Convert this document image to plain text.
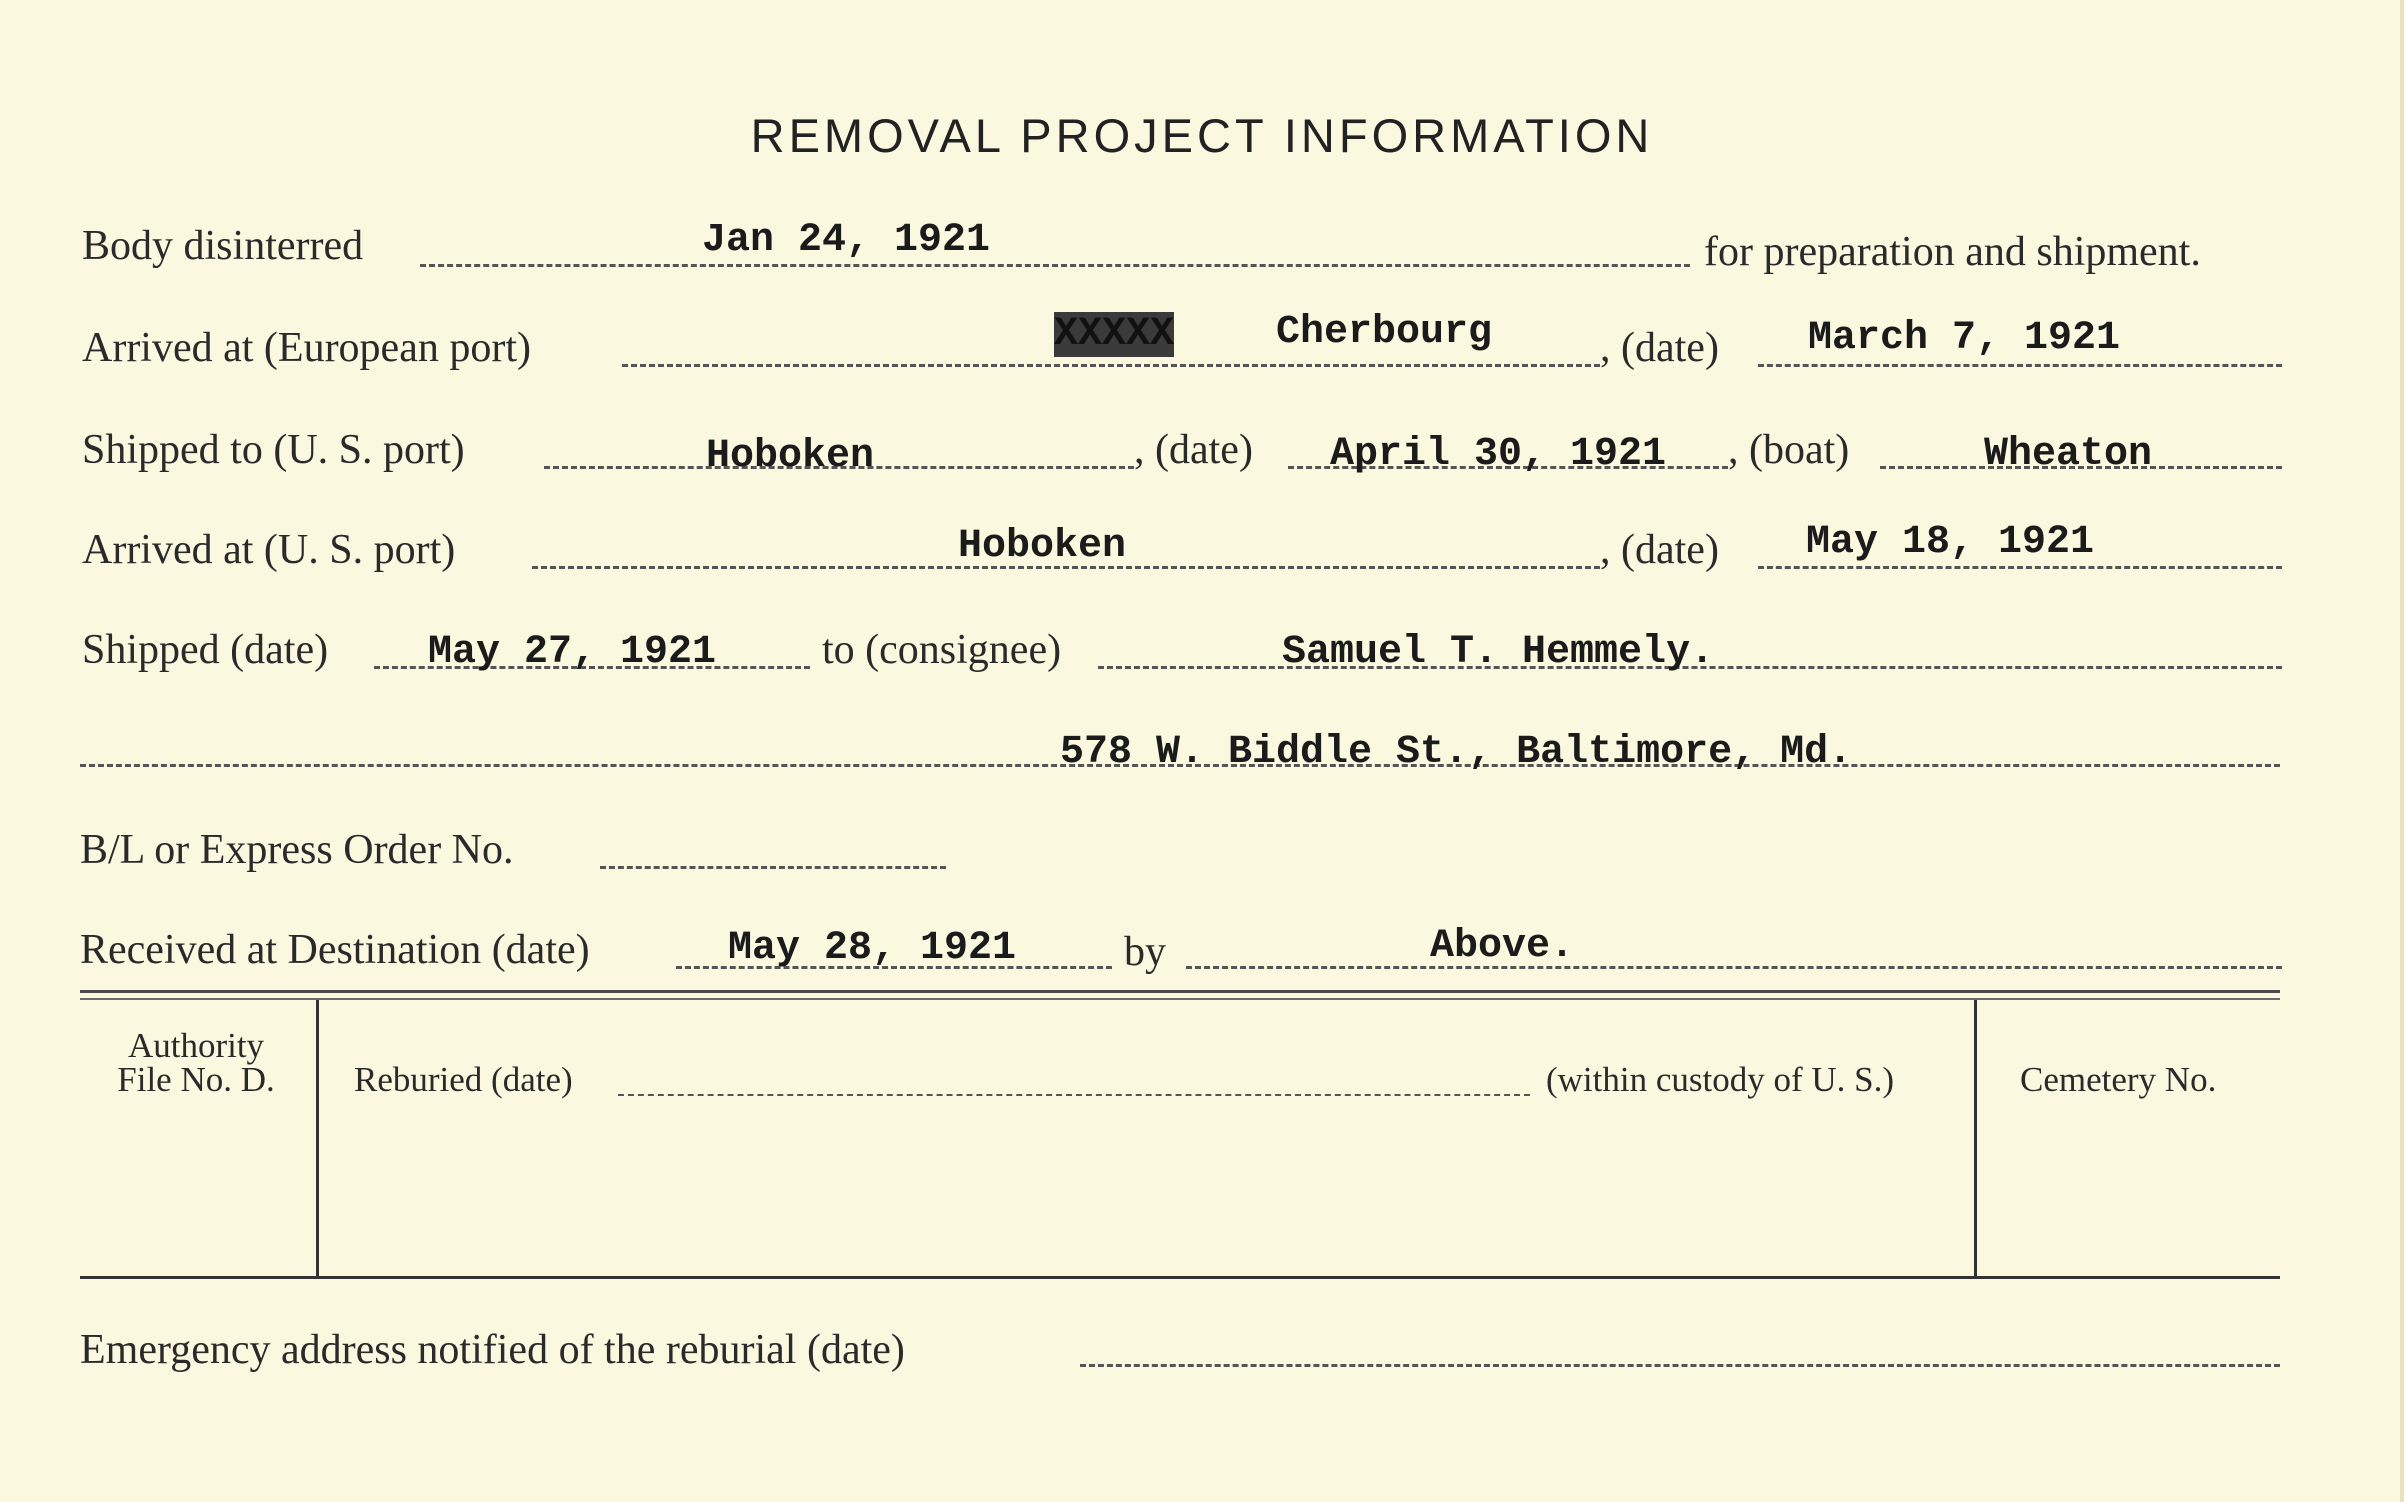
REMOVAL PROJECT INFORMATION
Body disinterred	Jan 24, 1921	for preparation and shipment.
Arrived at (European port)	XXXXX	Cherbourg	, (date) March 7, 1921
Shipped to (U. S. port)	Hoboken	, (date) April 30, 1921 , (boat)	Wheaton
Arrived at (U. S. port)	Hoboken	, (date) May 18, 1921
Shipped (date) May 27, 1921	to (consignee)	Samuel T. Hemmely.
578 W. Biddle St., Baltimore, Md.
B/L or Express Order No.
Received at Destination (date)	May 28, 1921	by	Above.
Authority
File No. D.	Reburied (date)	(within custody of U. S.)	Cemetery No.
Emergency address notified of the reburial (date)
